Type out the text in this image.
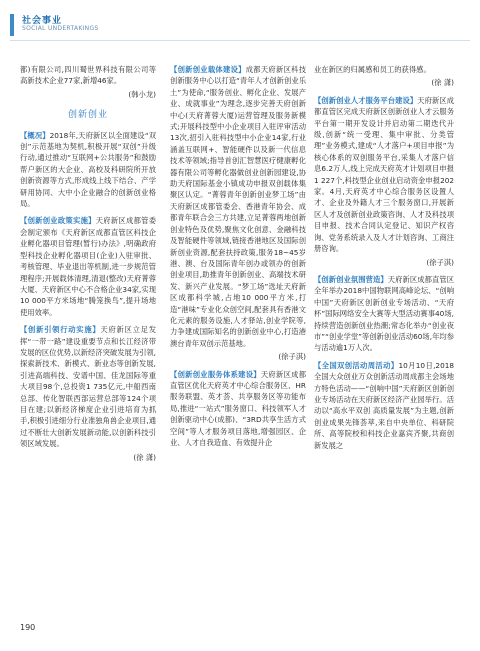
社会事业
SOCIAL UNDERTAKINGS

都)有限公司,四川蜀世界科技有限公司等高新技术企业77家,新增46家。

(韩小龙)

创新创业

【概况】2018年,天府新区以全面建设“双创”示范基地为契机,积极开展“双创”升级行动,通过推动“互联网+公共服务”和鼓励帮户新区的大企业、高校及科研院所开放创新资源等方式,形成线上线下结合、产学研用协同、大中小企业融合的创新创业格局。

【创新创业政策实施】天府新区成都管委会制定颁布《天府新区成都直管区科技企业孵化器项目管理(暂行)办法》,明确政府型科技企业孵化器项目(企业)入驻审批、考核管理、毕业退出等机制,进一步规范管理程序;开展载体清理,清退(整改)天府菁蓉大厦、天府新区中心不合格企业34家,实现10 000平方米场地“腾笼换鸟”,提升场地使用效率。

【创新引领行动实施】天府新区立足发挥“一带一路”建设重要节点和长江经济带发展的区位优势,以新经济突破发展为引领,探索新技术、新模式、新业态等创新发展,引进高端科技、安谱中国、佳龙国际等重大项目98个,总投资1 735亿元,中船西南总部、传化智联西部运营总部等124个项目在建;以新经济梯度企业引进培育为抓手,积极引进细分行业准独角兽企业项目,通过不断壮大创新发展新动能,以创新科技引领区域发展。

(徐 潇)

【创新创业载体建设】成都天府新区科技创新服务中心以打造“青年人才创新创业乐土”为使命,“服务创业、孵化企业、发展产业、成就事业”为理念,逐步完善天府创新中心(天府菁蓉大厦)运营管理及服务新模式;开展科技型中小企业项目入驻评审活动13次,招引入驻科技型中小企业14家,行业涵盖互联网+、智能硬件以及新一代信息技术等领域;指导首创汇智慧医疗健康孵化器有限公司等孵化器做创业创新园建设,协助天府国际基金小镇成功申报双创载体集聚区认定。“菁蓉青年创新创业梦工场”由天府新区成都管委会、香港青年协会、成都青年联合会三方共建,立足菁蓉两地创新创业特色及优势,聚焦文化创意、金融科技及智能硬件等领域,链接香港地区及国际创新创业资源,配套扶持政策,服务18~45岁港、澳、台及国际青年创办或领办的创新创业项目,助推青年创新创业、高端技术研发、新兴产业发展。“梦工场”选址天府新区成都科学城,占地10 000平方米,打造“港味”专业化众创空间,配套具有香港文化元素的服务设施,人才驿站,创业学院等,力争建成国际知名的创新创业中心,打造港澳台青年双创示范基地。

(徐子淇)

【创新创业服务体系建设】天府新区成都直管区优化天府英才中心综合服务区、HR服务联盟、英才荟、共享服务区等功能布局,推进“一站式”服务窗口、科技领军人才创新驱动中心(成都)、“3RD共享生活方式空间”等人才服务项目落地,增强园区、企业、人才自我造血、有效提升企

业在新区的归属感和员工的获得感。

(徐 潇)

【创新创业人才服务平台建设】天府新区成都直管区完成天府新区创新创业人才云服务平台第一期开发设计并启动第二期迭代升级,创新“统一受理、集中审批、分类管理”业务模式,建成“人才落户+项目申报”为核心体系的双创服务平台,采集人才落户信息6.2万人,线上完成天府英才计划项目申报1 227个,科技型企业创业启动资金申报202家。4月,天府英才中心综合服务区设置人才、企业及外籍人才三个服务窗口,开展新区人才及创新创业政策咨询、人才及科技项目申报、技术合同认定登记、知识产权咨询、党务系统录入及人才计划咨询、工商注册咨询。

(徐子淇)

【创新创业氛围营造】天府新区成都直管区全年举办2018中国物联网高峰论坛、“创响中国”天府新区创新创业专场活动、“天府杯”国际网络安全大赛等大型活动赛事40场,持续营造创新创业热潮;常态化举办“创业夜市”“创业学堂”等创新创业活动60场,年均参与活动逾1万人次。

【全国双创活动周活动】10月10日,2018全国大众创业万众创新活动周成都主会场地方特色活动——“创响中国”天府新区创新创业专场活动在天府新区经济产业园举行。活动以“高水平双创 高质量发展”为主题,创新创业成果先锋荟萃,来自中央单位、科研院所、高等院校和科技企业嘉宾齐聚,共商创新发展之

190
